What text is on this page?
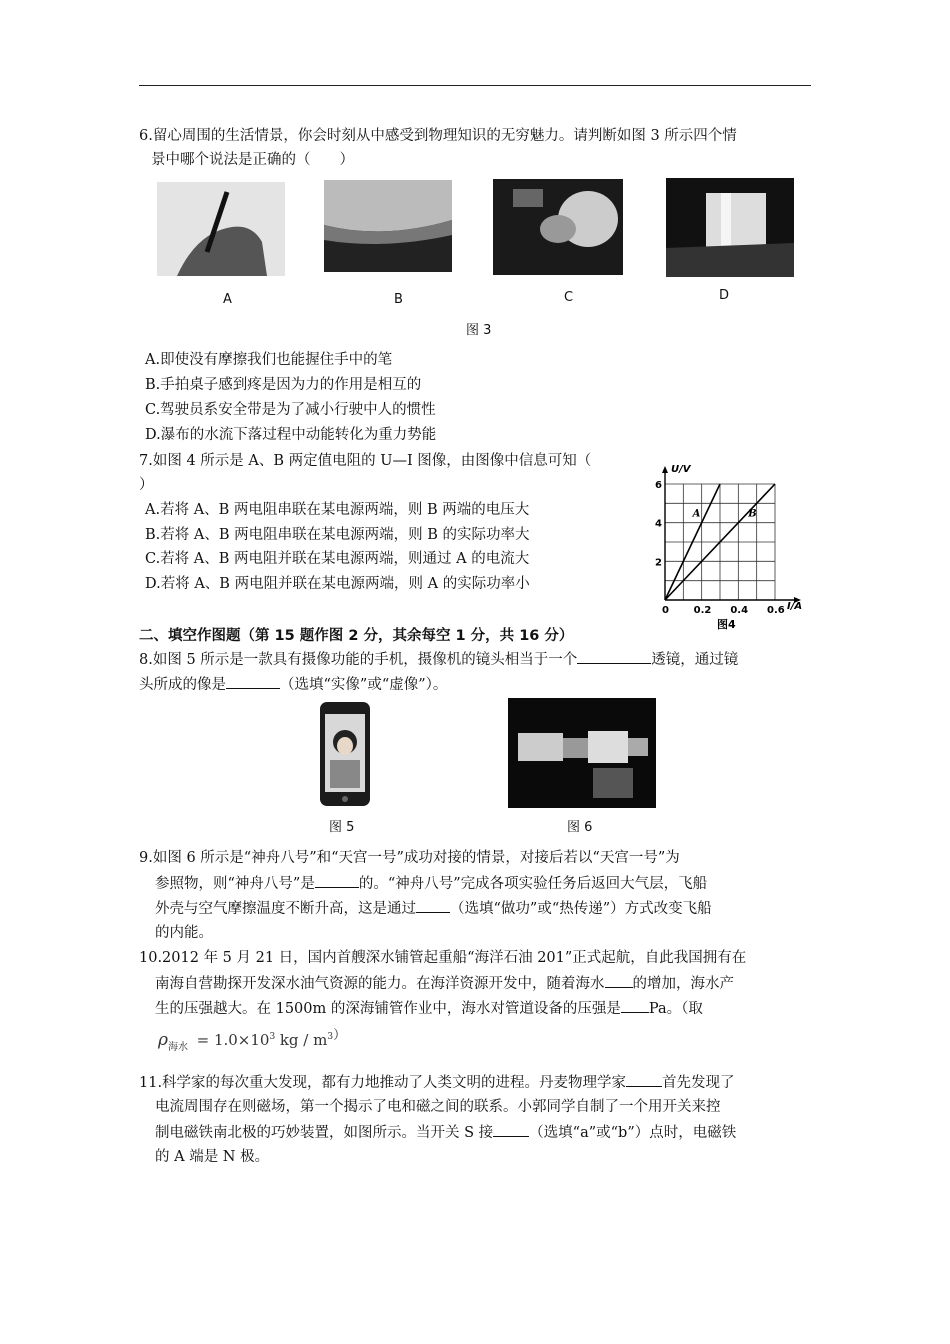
6.留心周围的生活情景，你会时刻从中感受到物理知识的无穷魅力。请判断如图 3 所示四个情
景中哪个说法是正确的（　　）
A	B	C	D
图 3
A.即使没有摩擦我们也能握住手中的笔
B.手拍桌子感到疼是因为力的作用是相互的
C.驾驶员系安全带是为了减小行驶中人的惯性
D.瀑布的水流下落过程中动能转化为重力势能
7.如图 4 所示是 A、B 两定值电阻的 U—I 图像，由图像中信息可知（
）
A.若将 A、B 两电阻串联在某电源两端，则 B 两端的电压大
B.若将 A、B 两电阻串联在某电源两端，则 B 的实际功率大
C.若将 A、B 两电阻并联在某电源两端，则通过 A 的电流大
D.若将 A、B 两电阻并联在某电源两端，则 A 的实际功率小
0 0.2 0.4 0.6
2
4
6
I/A
U/V
A	B
图4
二、填空作图题（第 15 题作图 2 分，其余每空 1 分，共 16 分）
8.如图 5 所示是一款具有摄像功能的手机，摄像机的镜头相当于一个	透镜，通过镜
头所成的像是	（选填“实像”或“虚像”）。
图 5	图 6
9.如图 6 所示是“神舟八号”和“天宫一号”成功对接的情景，对接后若以“天宫一号”为
参照物，则“神舟八号”是	的。“神舟八号”完成各项实验任务后返回大气层，飞船
外壳与空气摩擦温度不断升高，这是通过 （选填“做功”或“热传递”）方式改变飞船
的内能。
10.2012 年 5 月 21 日，国内首艘深水铺管起重船“海洋石油 201”正式起航，自此我国拥有在
南海自营勘探开发深水油气资源的能力。在海洋资源开发中，随着海水 的增加，海水产
生的压强越大。在 1500m 的深海铺管作业中，海水对管道设备的压强是 Pa。（取
$\rho_{海水} = 1.0\times 10^3$ kg / $m^3$）
11.科学家的每次重大发现，都有力地推动了人类文明的进程。丹麦物理学家 首先发现了
电流周围存在则磁场，第一个揭示了电和磁之间的联系。小郭同学自制了一个用开关来控
制电磁铁南北极的巧妙装置，如图所示。当开关 S 接 （选填“a”或“b”）点时，电磁铁
的 A 端是 N 极。
